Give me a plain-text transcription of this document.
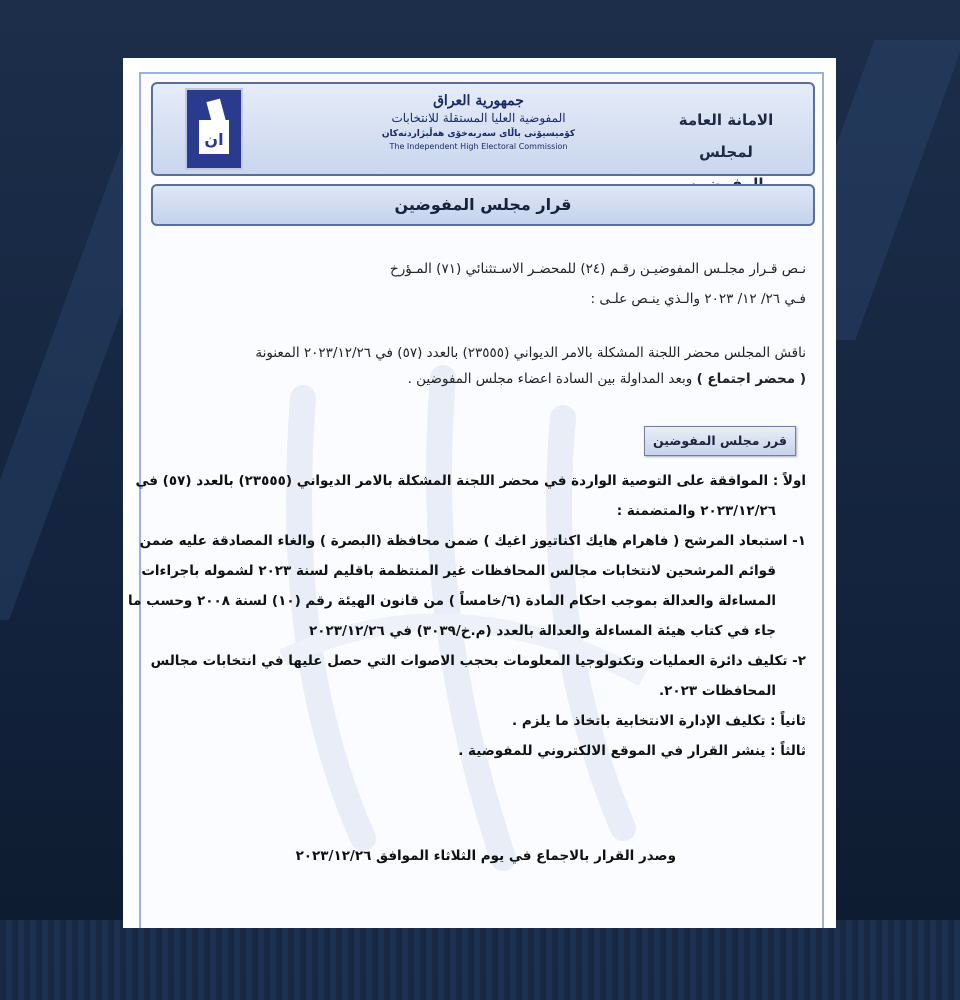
ان
جمهورية العراق
المفوضية العليا المستقلة للانتخابات
كۆمیسیۆنی باڵای سەربەخۆی هەڵبژاردنەکان
The Independent High Electoral Commission
الامانة العامة
لمجلس
قرار مجلس المفوضين
نـص قـرار مجلـس المفوضيـن رقـم (٢٤) للمحضـر الاسـتثنائي (٧١) المـؤرخ
فـي ٢٦/ ١٢/ ٢٠٢٣ والـذي ينـص علـى :
ناقش المجلس محضر اللجنة المشكلة بالامر الديواني (٢٣٥٥٥) بالعدد (٥٧) في ٢٠٢٣/١٢/٢٦ المعنونة
( محضر اجتماع ) وبعد المداولة بين السادة اعضاء مجلس المفوضين .
قرر مجلس المفوضين
اولاً : الموافقة على التوصية الواردة في محضر اللجنة المشكلة بالامر الديواني (٢٣٥٥٥) بالعدد (٥٧) في
٢٠٢٣/١٢/٢٦ والمتضمنة :
١- استبعاد المرشح ( فاهرام هايك اكناتيوز اغيك ) ضمن محافظة (البصرة ) والغاء المصادقة عليه ضمن
قوائم المرشحين لانتخابات مجالس المحافظات غير المنتظمة باقليم لسنة ٢٠٢٣ لشموله باجراءات
المساءلة والعدالة بموجب احكام المادة (٦/خامساً ) من قانون الهيئة رقم (١٠) لسنة ٢٠٠٨ وحسب ما
جاء في كتاب هيئة المساءلة والعدالة بالعدد (م.خ/٣٠٣٩) في ٢٠٢٣/١٢/٢٦
٢- تكليف دائرة العمليات وتكنولوجيا المعلومات بحجب الاصوات التي حصل عليها في انتخابات مجالس
المحافظات ٢٠٢٣.
ثانياً : تكليف الإدارة الانتخابية باتخاذ ما يلزم .
ثالثاً : ينشر القرار في الموقع الالكتروني للمفوضية .
وصدر القرار بالاجماع في يوم الثلاثاء الموافق ٢٠٢٣/١٢/٢٦
